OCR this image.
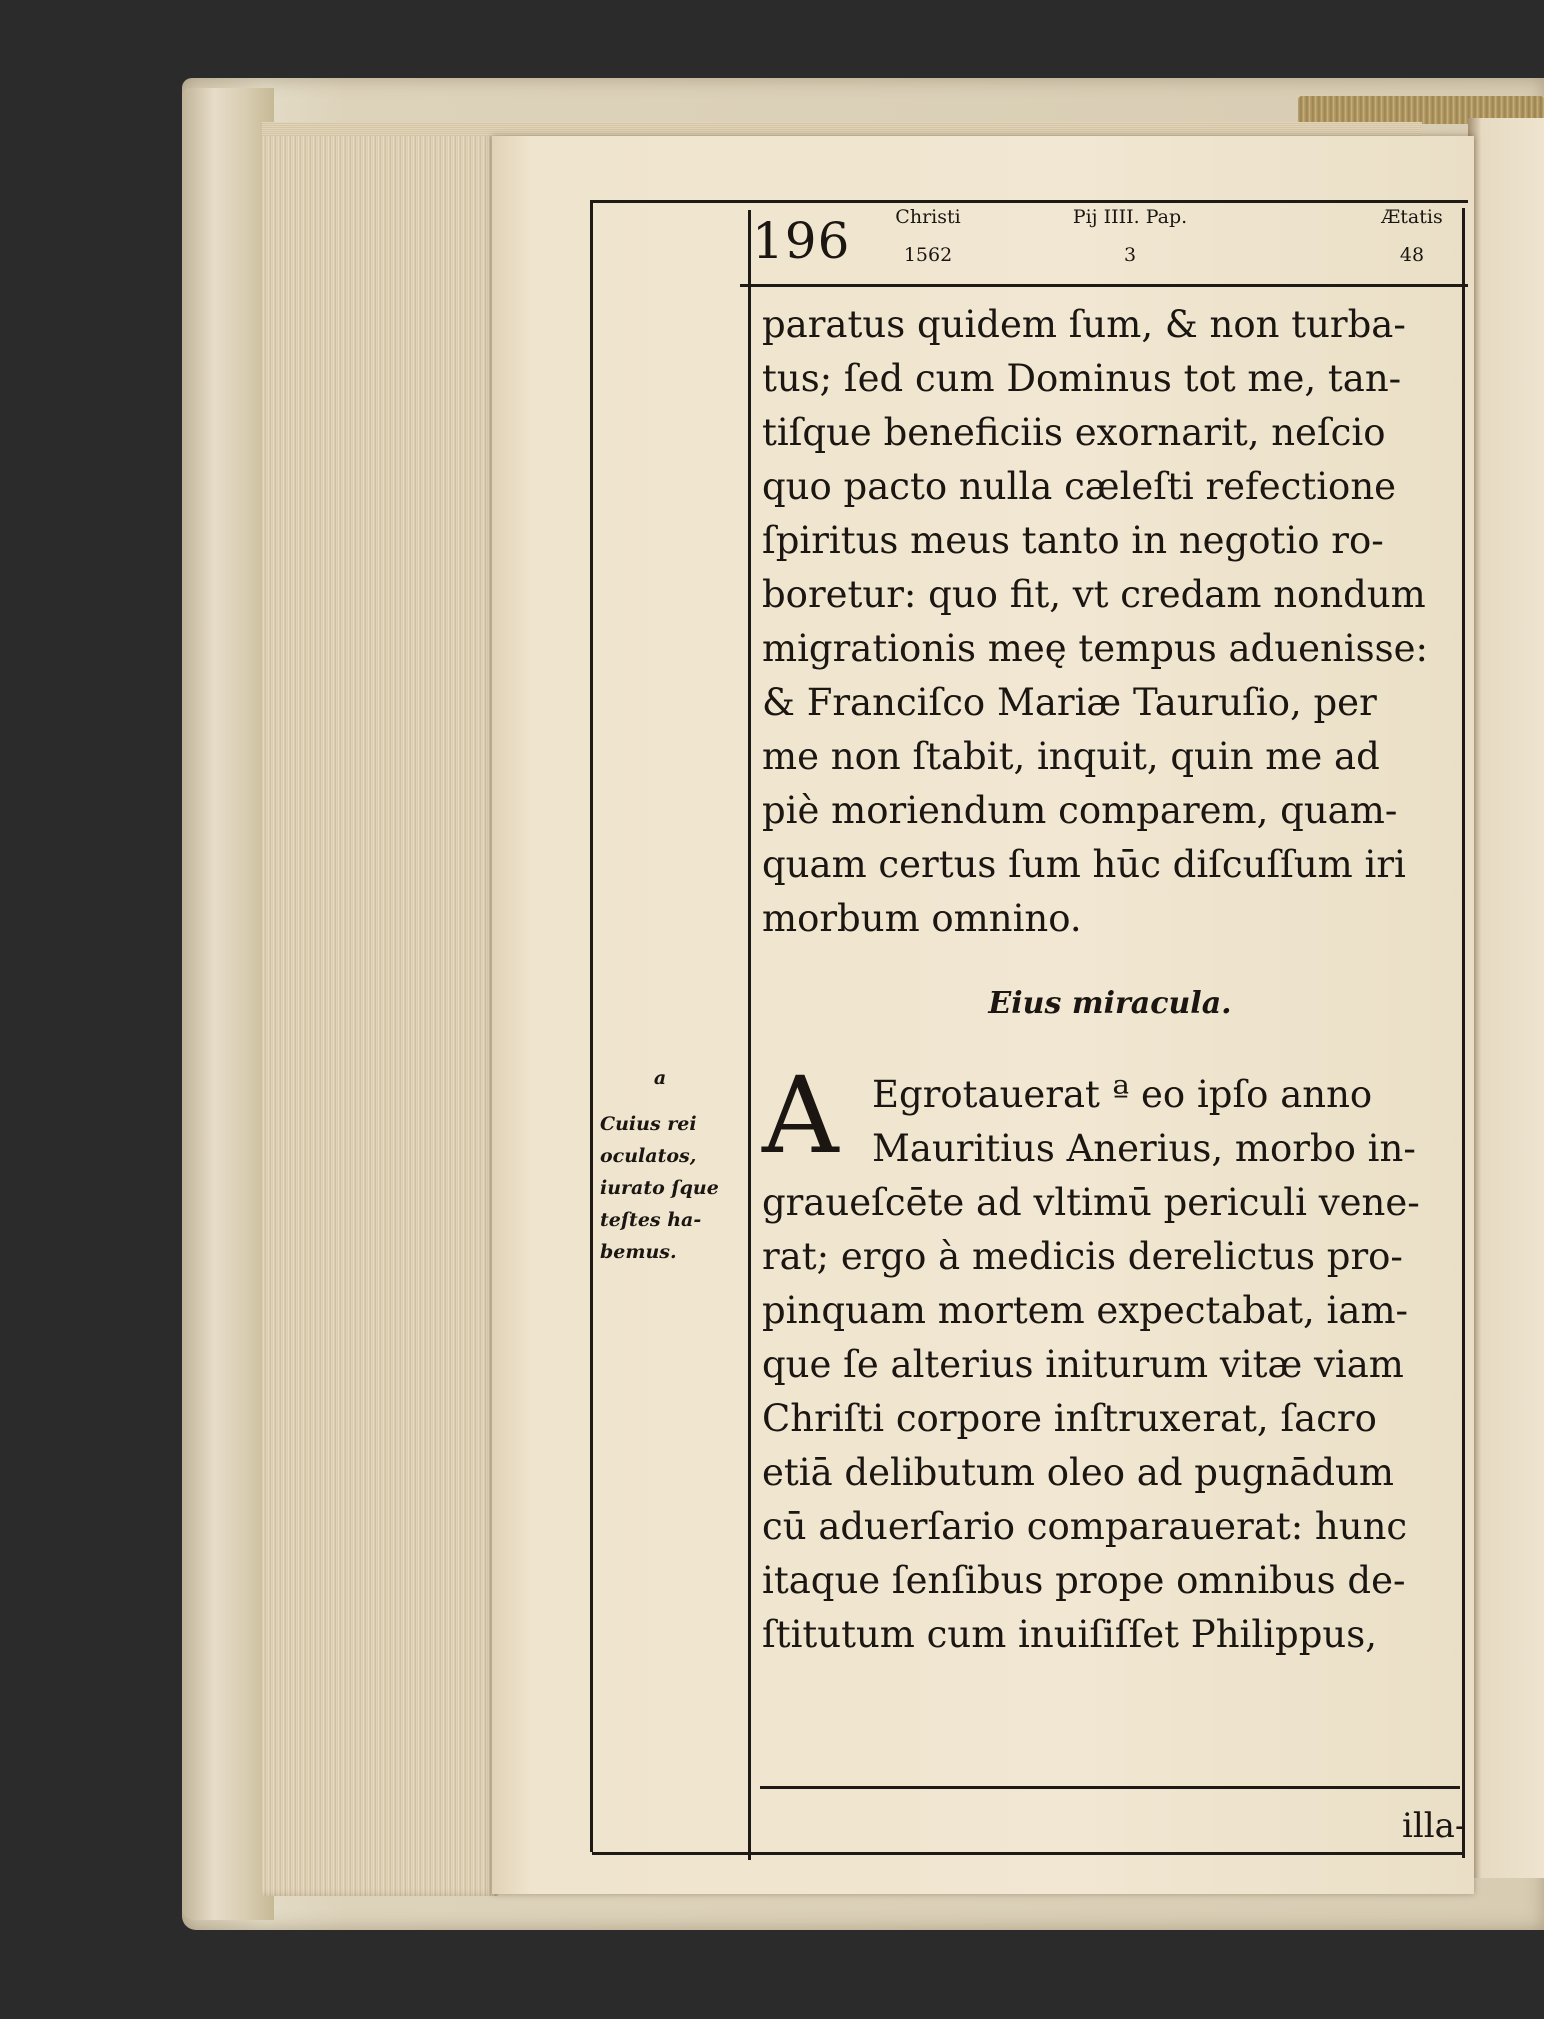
196	Christi
1562
Pij IIII. Pap.
3
Ætatis
48
paratus quidem ſum, & non turba-
tus; ſed cum Dominus tot me, tan-
tiſque beneficiis exornarit, neſcio
quo pacto nulla cæleſti refectione
ſpiritus meus tanto in negotio ro-
boretur: quo fit, vt credam nondum
migrationis meę tempus aduenisse:
& Franciſco Mariæ Tauruſio, per
me non ſtabit, inquit, quin me ad
piè moriendum comparem, quam-
quam certus ſum hūc diſcuſſum iri
morbum omnino.
Eius miracula.
A Egrotauerat ª eo ipſo anno
Mauritius Anerius, morbo in-
graueſcēte ad vltimū periculi vene-
rat; ergo à medicis derelictus pro-
pinquam mortem expectabat, iam-
que ſe alterius initurum vitæ viam
Chriſti corpore inſtruxerat, ſacro
etiā delibutum oleo ad pugnādum
cū aduerſario comparauerat: hunc
itaque ſenſibus prope omnibus de-
ſtitutum cum inuiſiſſet Philippus,
illa-
a
Cuius rei
oculatos,
iurato ſque
teſtes ha-
bemus.
